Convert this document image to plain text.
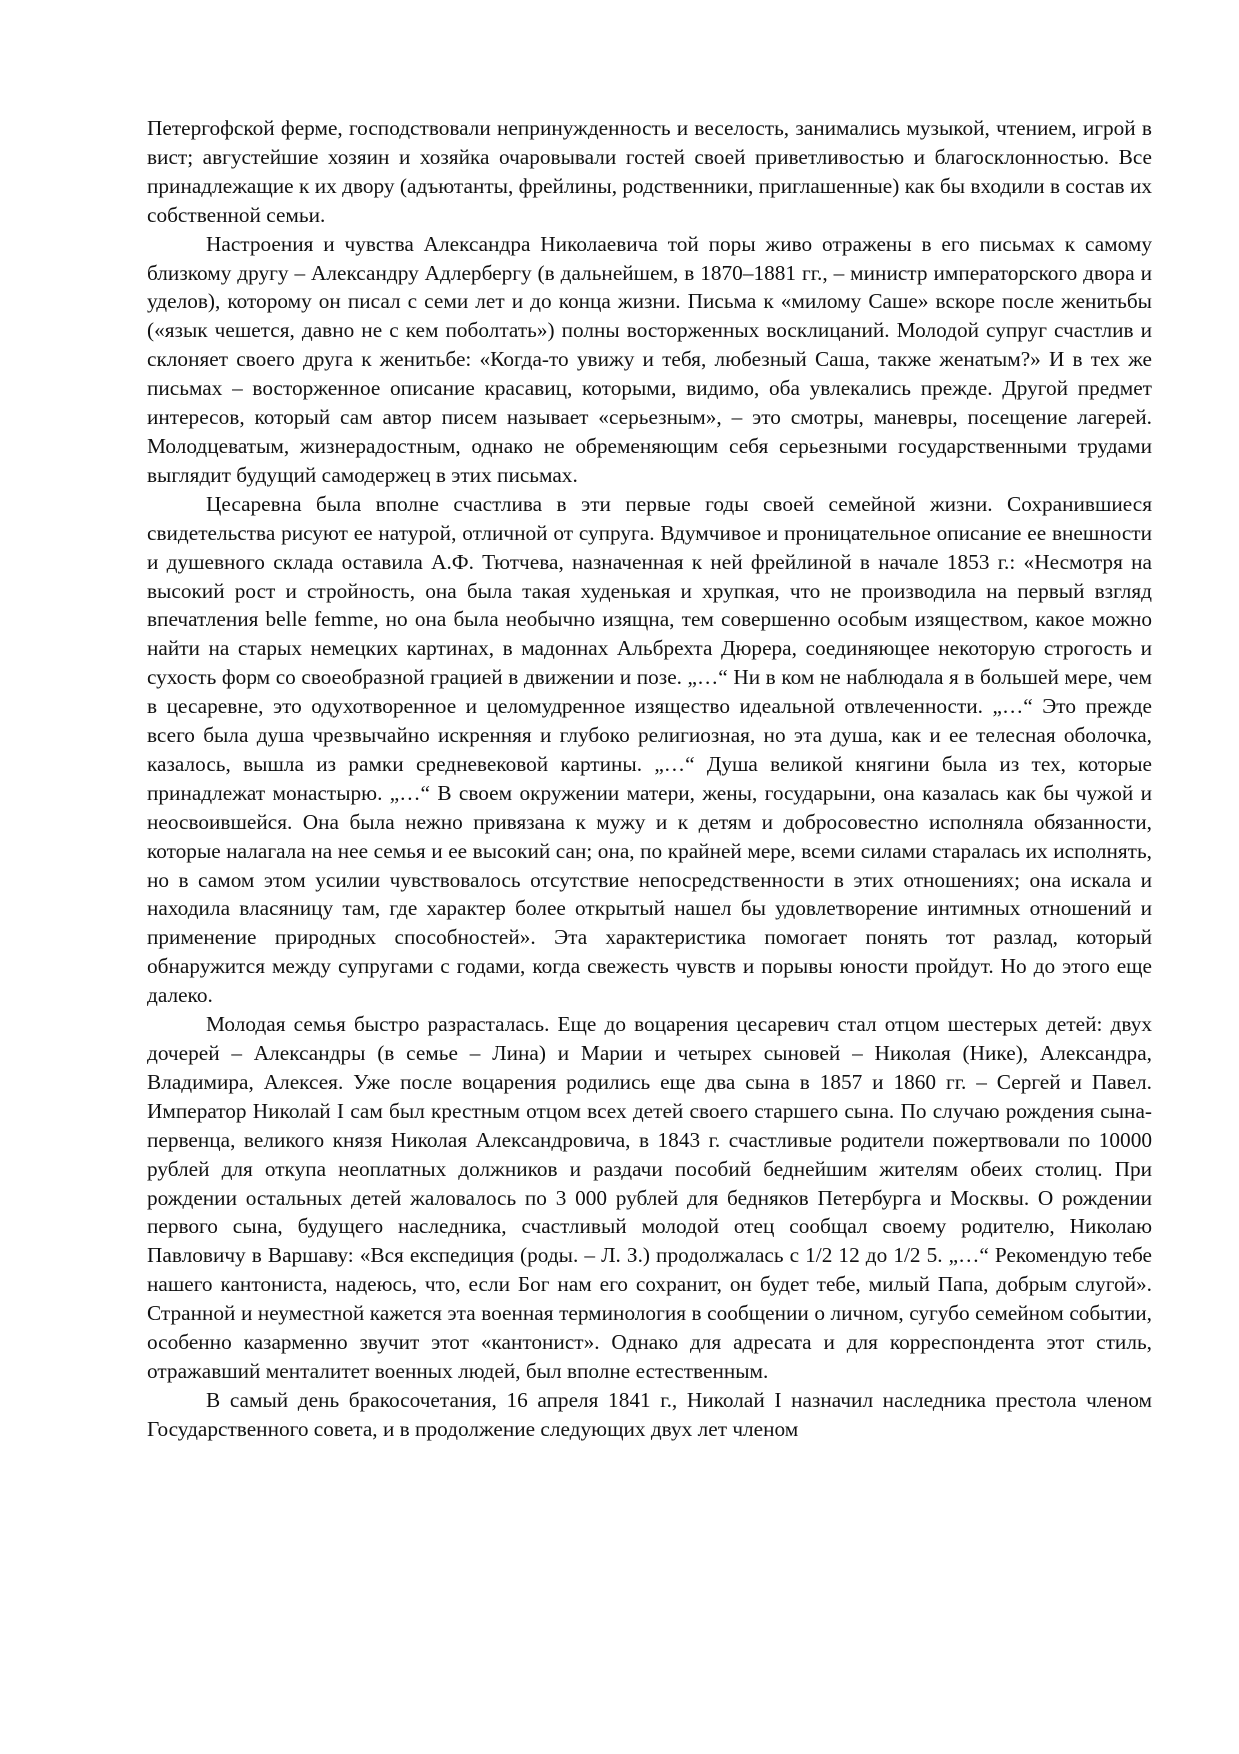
Петергофской ферме, господствовали непринужденность и веселость, занимались музыкой, чтением, игрой в вист; августейшие хозяин и хозяйка очаровывали гостей своей приветливостью и благосклонностью. Все принадлежащие к их двору (адъютанты, фрейлины, родственники, приглашенные) как бы входили в состав их собственной семьи.

Настроения и чувства Александра Николаевича той поры живо отражены в его письмах к самому близкому другу – Александру Адлербергу (в дальнейшем, в 1870–1881 гг., – министр императорского двора и уделов), которому он писал с семи лет и до конца жизни. Письма к «милому Саше» вскоре после женитьбы («язык чешется, давно не с кем поболтать») полны восторженных восклицаний. Молодой супруг счастлив и склоняет своего друга к женитьбе: «Когда-то увижу и тебя, любезный Саша, также женатым?» И в тех же письмах – восторженное описание красавиц, которыми, видимо, оба увлекались прежде. Другой предмет интересов, который сам автор писем называет «серьезным», – это смотры, маневры, посещение лагерей. Молодцеватым, жизнерадостным, однако не обременяющим себя серьезными государственными трудами выглядит будущий самодержец в этих письмах.

Цесаревна была вполне счастлива в эти первые годы своей семейной жизни. Сохранившиеся свидетельства рисуют ее натурой, отличной от супруга. Вдумчивое и проницательное описание ее внешности и душевного склада оставила А.Ф. Тютчева, назначенная к ней фрейлиной в начале 1853 г.: «Несмотря на высокий рост и стройность, она была такая худенькая и хрупкая, что не производила на первый взгляд впечатления belle femme, но она была необычно изящна, тем совершенно особым изяществом, какое можно найти на старых немецких картинах, в мадоннах Альбрехта Дюрера, соединяющее некоторую строгость и сухость форм со своеобразной грацией в движении и позе. „…“ Ни в ком не наблюдала я в большей мере, чем в цесаревне, это одухотворенное и целомудренное изящество идеальной отвлеченности. „…“ Это прежде всего была душа чрезвычайно искренняя и глубоко религиозная, но эта душа, как и ее телесная оболочка, казалось, вышла из рамки средневековой картины. „…“ Душа великой княгини была из тех, которые принадлежат монастырю. „…“ В своем окружении матери, жены, государыни, она казалась как бы чужой и неосвоившейся. Она была нежно привязана к мужу и к детям и добросовестно исполняла обязанности, которые налагала на нее семья и ее высокий сан; она, по крайней мере, всеми силами старалась их исполнять, но в самом этом усилии чувствовалось отсутствие непосредственности в этих отношениях; она искала и находила власяницу там, где характер более открытый нашел бы удовлетворение интимных отношений и применение природных способностей». Эта характеристика помогает понять тот разлад, который обнаружится между супругами с годами, когда свежесть чувств и порывы юности пройдут. Но до этого еще далеко.

Молодая семья быстро разрасталась. Еще до воцарения цесаревич стал отцом шестерых детей: двух дочерей – Александры (в семье – Лина) и Марии и четырех сыновей – Николая (Нике), Александра, Владимира, Алексея. Уже после воцарения родились еще два сына в 1857 и 1860 гг. – Сергей и Павел. Император Николай I сам был крестным отцом всех детей своего старшего сына. По случаю рождения сына-первенца, великого князя Николая Александровича, в 1843 г. счастливые родители пожертвовали по 10000 рублей для откупа неоплатных должников и раздачи пособий беднейшим жителям обеих столиц. При рождении остальных детей жаловалось по 3 000 рублей для бедняков Петербурга и Москвы. О рождении первого сына, будущего наследника, счастливый молодой отец сообщал своему родителю, Николаю Павловичу в Варшаву: «Вся експедиция (роды. – Л. З.) продолжалась с 1/2 12 до 1/2 5. „…“ Рекомендую тебе нашего кантониста, надеюсь, что, если Бог нам его сохранит, он будет тебе, милый Папа, добрым слугой». Странной и неуместной кажется эта военная терминология в сообщении о личном, сугубо семейном событии, особенно казарменно звучит этот «кантонист». Однако для адресата и для корреспондента этот стиль, отражавший менталитет военных людей, был вполне естественным.

В самый день бракосочетания, 16 апреля 1841 г., Николай I назначил наследника престола членом Государственного совета, и в продолжение следующих двух лет членом
